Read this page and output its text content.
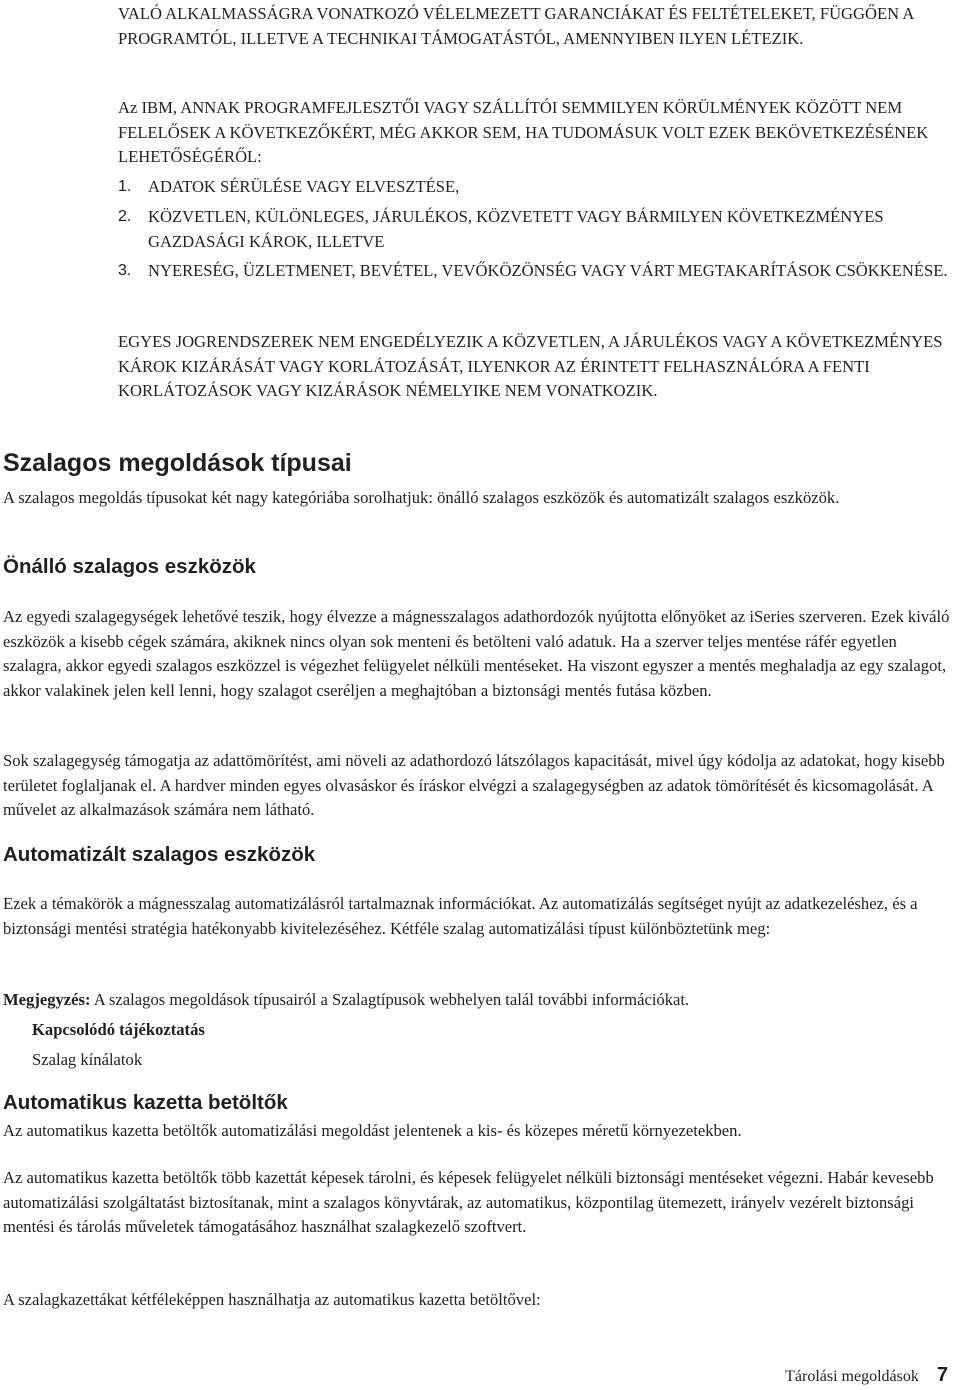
VALÓ ALKALMASSÁGRA VONATKOZÓ VÉLELMEZETT GARANCIÁKAT ÉS FELTÉTELEKET, FÜGGŐEN A PROGRAMTÓL, ILLETVE A TECHNIKAI TÁMOGATÁSTÓL, AMENNYIBEN ILYEN LÉTEZIK.

Az IBM, ANNAK PROGRAMFEJLESZTŐI VAGY SZÁLLÍTÓI SEMMILYEN KÖRÜLMÉNYEK KÖZÖTT NEM FELELŐSEK A KÖVETKEZŐKÉRT, MÉG AKKOR SEM, HA TUDOMÁSUK VOLT EZEK BEKÖVETKEZÉSÉNEK LEHETŐSÉGÉRŐL:

1. ADATOK SÉRÜLÉSE VAGY ELVESZTÉSE,
2. KÖZVETLEN, KÜLÖNLEGES, JÁRULÉKOS, KÖZVETETT VAGY BÁRMILYEN KÖVETKEZMÉNYES GAZDASÁGI KÁROK, ILLETVE
3. NYERESÉG, ÜZLETMENET, BEVÉTEL, VEVŐKÖZÖNSÉG VAGY VÁRT MEGTAKARÍTÁSOK CSÖKKENÉSE.

EGYES JOGRENDSZEREK NEM ENGEDÉLYEZIK A KÖZVETLEN, A JÁRULÉKOS VAGY A KÖVETKEZMÉNYES KÁROK KIZÁRÁSÁT VAGY KORLÁTOZÁSÁT, ILYENKOR AZ ÉRINTETT FELHASZNÁLÓRA A FENTI KORLÁTOZÁSOK VAGY KIZÁRÁSOK NÉMELYIKE NEM VONATKOZIK.

Szalagos megoldások típusai

A szalagos megoldás típusokat két nagy kategóriába sorolhatjuk: önálló szalagos eszközök és automatizált szalagos eszközök.

Önálló szalagos eszközök

Az egyedi szalagegységek lehetővé teszik, hogy élvezze a mágnesszalagos adathordozók nyújtotta előnyöket az iSeries szerveren. Ezek kiváló eszközök a kisebb cégek számára, akiknek nincs olyan sok menteni és betölteni való adatuk. Ha a szerver teljes mentése ráfér egyetlen szalagra, akkor egyedi szalagos eszközzel is végezhet felügyelet nélküli mentéseket. Ha viszont egyszer a mentés meghaladja az egy szalagot, akkor valakinek jelen kell lenni, hogy szalagot cseréljen a meghajtóban a biztonsági mentés futása közben.

Sok szalagegység támogatja az adattömörítést, ami növeli az adathordozó látszólagos kapacitását, mivel úgy kódolja az adatokat, hogy kisebb területet foglaljanak el. A hardver minden egyes olvasáskor és íráskor elvégzi a szalagegységben az adatok tömörítését és kicsomagolását. A művelet az alkalmazások számára nem látható.

Automatizált szalagos eszközök

Ezek a témakörök a mágnesszalag automatizálásról tartalmaznak információkat. Az automatizálás segítséget nyújt az adatkezeléshez, és a biztonsági mentési stratégia hatékonyabb kivitelezéséhez. Kétféle szalag automatizálási típust különböztetünk meg:

Megjegyzés: A szalagos megoldások típusairól a Szalagtípusok webhelyen talál további információkat.

Kapcsolódó tájékoztatás
Szalag kínálatok
Automatikus kazetta betöltők

Az automatikus kazetta betöltők automatizálási megoldást jelentenek a kis- és közepes méretű környezetekben.

Az automatikus kazetta betöltők több kazettát képesek tárolni, és képesek felügyelet nélküli biztonsági mentéseket végezni. Habár kevesebb automatizálási szolgáltatást biztosítanak, mint a szalagos könyvtárak, az automatikus, központilag ütemezett, irányelv vezérelt biztonsági mentési és tárolás műveletek támogatásához használhat szalagkezelő szoftvert.

A szalagkazettákat kétféleképpen használhatja az automatikus kazetta betöltővel:

Tárolási megoldások 7
